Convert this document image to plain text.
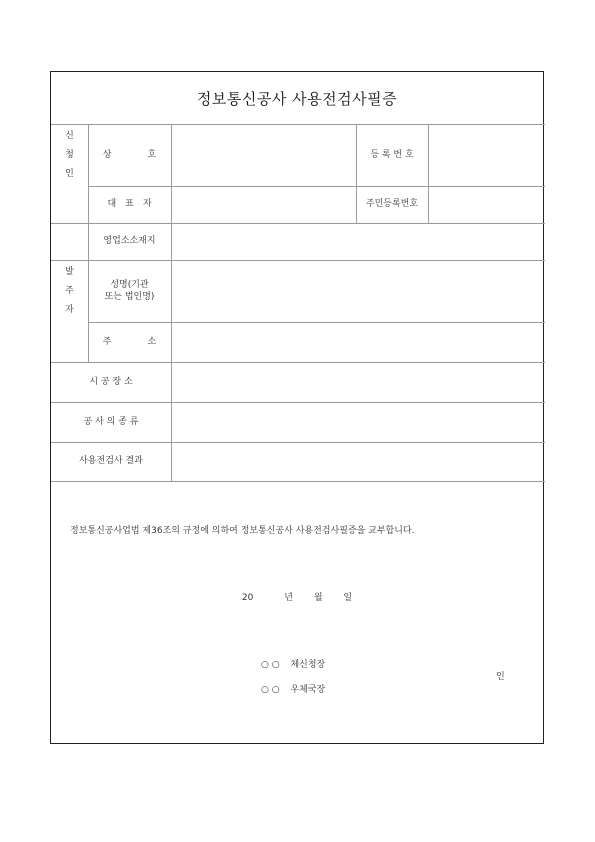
정보통신공사 사용전검사필증
신
청
인
상　　　　호	등 록 번 호
대　표　자	주민등록번호
영업소소재지
발
주
자
성명(기관
또는 법인명)
주　　　　소
시 공 장 소
공 사 의 종 류
사용전검사 결과
정보통신공사업법 제36조의 규정에 의하여 정보통신공사 사용전검사필증을 교부합니다.
20	년 월 일
○ ○ 체신청장
○ ○ 우체국장
인
